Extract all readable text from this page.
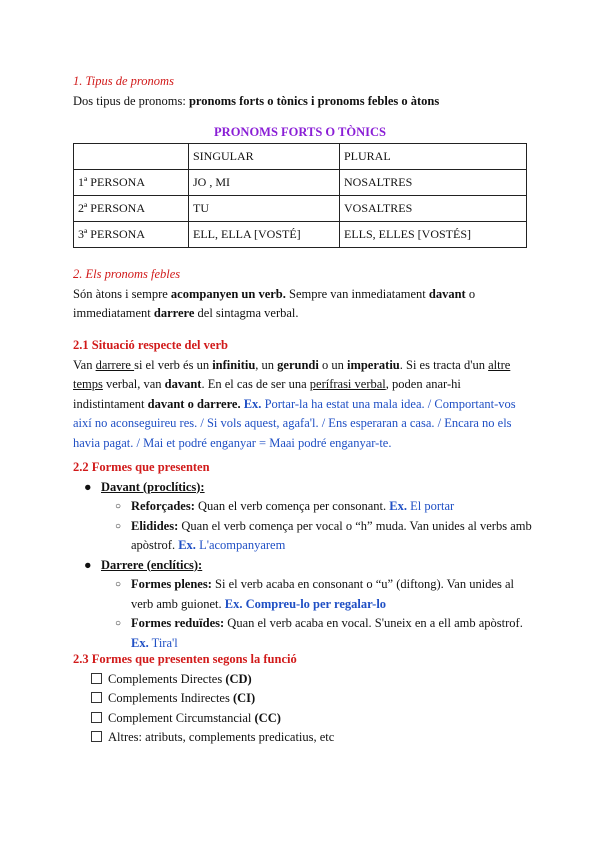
1. Tipus de pronoms
Dos tipus de pronoms: pronoms forts o tònics i pronoms febles o àtons
PRONOMS FORTS O TÒNICS
	SINGULAR	PLURAL
1ª PERSONA	JO , MI	NOSALTRES
2ª PERSONA	TU	VOSALTRES
3ª PERSONA	ELL, ELLA [VOSTÉ]	ELLS, ELLES [VOSTÉS]
2. Els pronoms febles
Són àtons i sempre acompanyen un verb. Sempre van inmediatament davant o immediatament darrere del sintagma verbal.
2.1 Situació respecte del verb
Van darrere si el verb és un infinitiu, un gerundi o un imperatiu. Si es tracta d'un altre temps verbal, van davant. En el cas de ser una perífrasi verbal, poden anar-hi indistintament davant o darrere. Ex. Portar-la ha estat una mala idea. / Comportant-vos així no aconseguireu res. / Si vols aquest, agafa'l. / Ens esperaran a casa. / Encara no els havia pagat. / Mai et podré enganyar = Maai podré enganyar-te.
2.2 Formes que presenten
● Davant (proclítics):
○ Reforçades: Quan el verb comença per consonant. Ex. El portar
○ Elidides: Quan el verb comença per vocal o “h” muda. Van unides al verbs amb apòstrof. Ex. L'acompanyarem
● Darrere (enclítics):
○ Formes plenes: Si el verb acaba en consonant o “u” (diftong). Van unides al verb amb guionet. Ex. Compreu-lo per regalar-lo
○ Formes reduïdes: Quan el verb acaba en vocal. S'uneix en a ell amb apòstrof. Ex. Tira'l
2.3 Formes que presenten segons la funció
Complements Directes (CD)
Complements Indirectes (CI)
Complement Circumstancial (CC)
Altres: atributs, complements predicatius, etc
